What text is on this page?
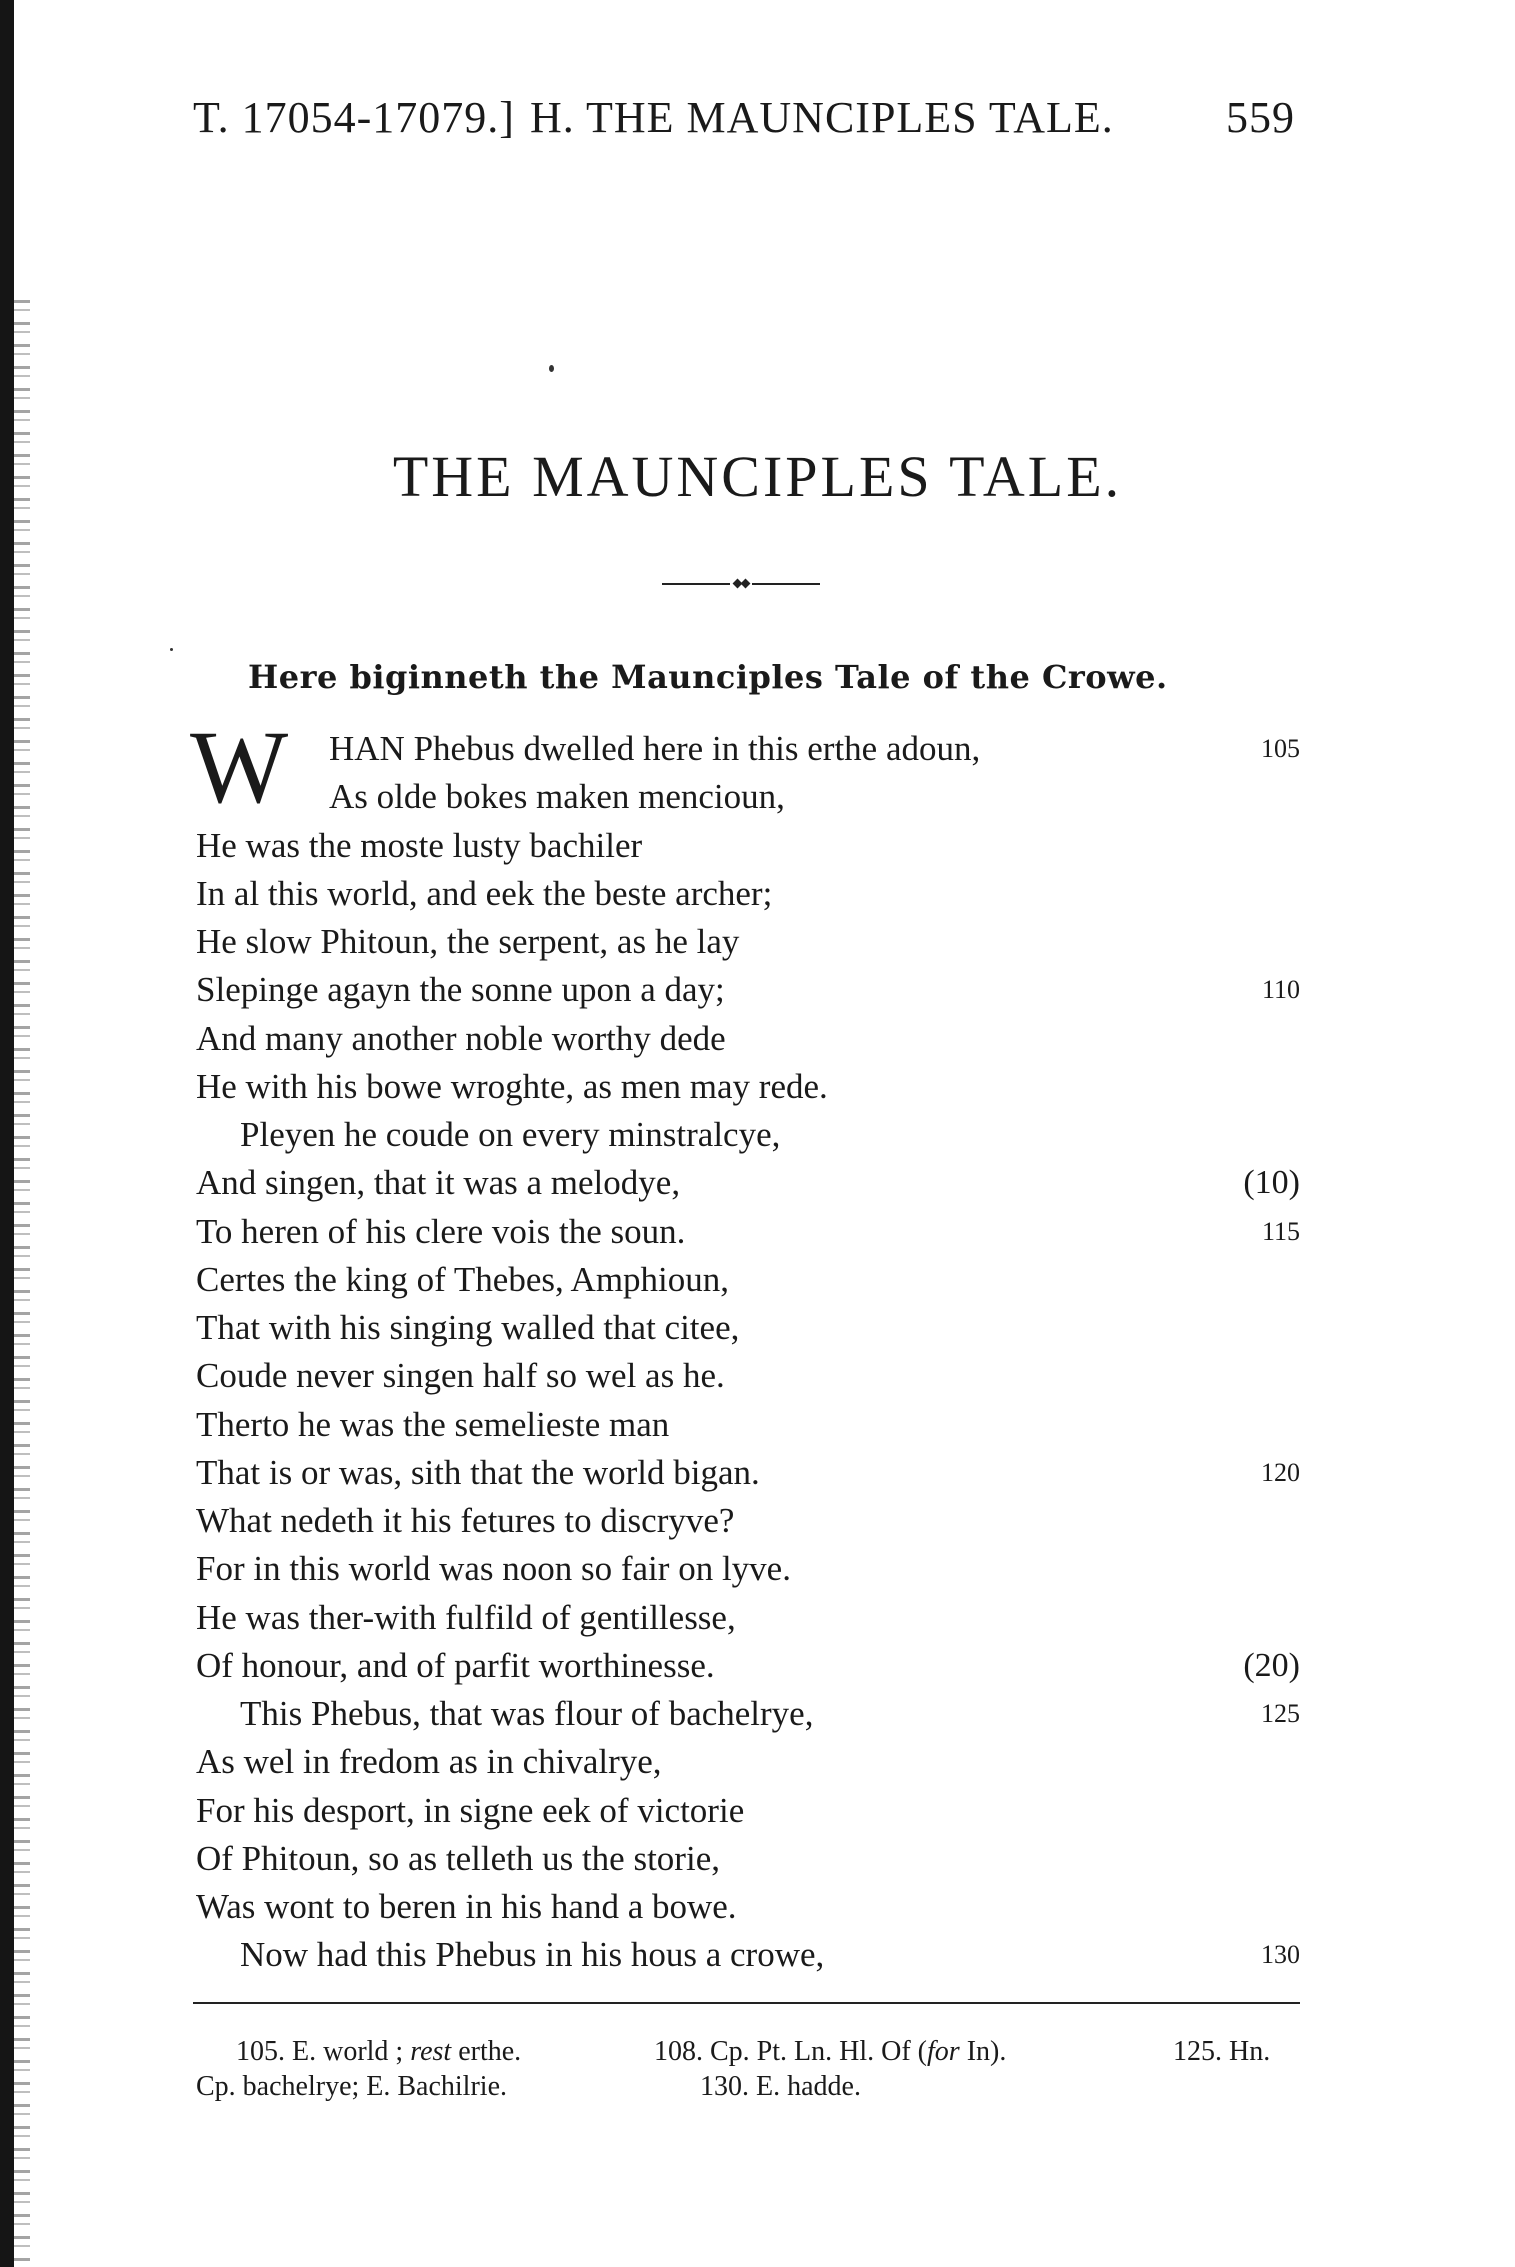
T. 17054-17079.] H. THE MAUNCIPLES TALE.	559
THE MAUNCIPLES TALE.
Here biginneth the Maunciples Tale of the Crowe.
W HAN Phebus dwelled here in this erthe adoun,	105
As olde bokes maken mencioun,
He was the moste lusty bachiler
In al this world, and eek the beste archer;
He slow Phitoun, the serpent, as he lay
Slepinge agayn the sonne upon a day;	110
And many another noble worthy dede
He with his bowe wroghte, as men may rede.
Pleyen he coude on every minstralcye,
And singen, that it was a melodye,	(10)
To heren of his clere vois the soun.	115
Certes the king of Thebes, Amphioun,
That with his singing walled that citee,
Coude never singen half so wel as he.
Therto he was the semelieste man
That is or was, sith that the world bigan.	120
What nedeth it his fetures to discryve?
For in this world was noon so fair on lyve.
He was ther-with fulfild of gentillesse,
Of honour, and of parfit worthinesse.	(20)
This Phebus, that was flour of bachelrye,	125
As wel in fredom as in chivalrye,
For his desport, in signe eek of victorie
Of Phitoun, so as telleth us the storie,
Was wont to beren in his hand a bowe.
Now had this Phebus in his hous a crowe,	130
105. E. world ; rest erthe.	108. Cp. Pt. Ln. Hl. Of (for In).	125. Hn.
Cp. bachelrye; E. Bachilrie.	130. E. hadde.
